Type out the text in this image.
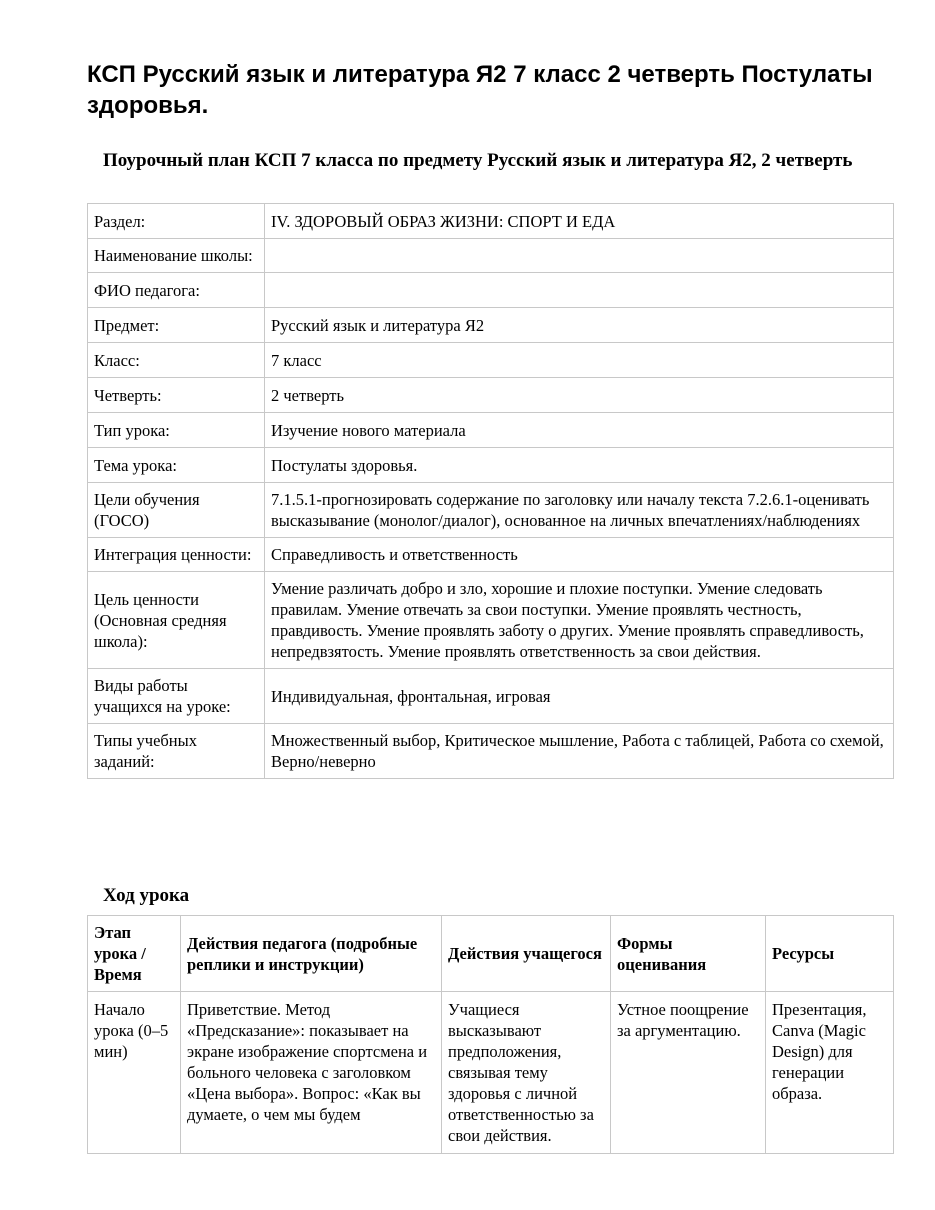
КСП Русский язык и литература Я2 7 класс 2 четверть Постулаты здоровья.
Поурочный план КСП 7 класса по предмету Русский язык и литература Я2, 2 четверть
Раздел:	IV. ЗДОРОВЫЙ ОБРАЗ ЖИЗНИ: СПОРТ И ЕДА
Наименование школы:	
ФИО педагога:	
Предмет:	Русский язык и литература Я2
Класс:	7 класс
Четверть:	2 четверть
Тип урока:	Изучение нового материала
Тема урока:	Постулаты здоровья.
Цели обучения (ГОСО)	7.1.5.1-прогнозировать содержание по заголовку или началу текста 7.2.6.1-оценивать высказывание (монолог/диалог), основанное на личных впечатлениях/наблюдениях
Интеграция ценности:	Справедливость и ответственность
Цель ценности (Основная средняя школа):	Умение различать добро и зло, хорошие и плохие поступки. Умение следовать правилам. Умение отвечать за свои поступки. Умение проявлять честность, правдивость. Умение проявлять заботу о других. Умение проявлять справедливость, непредвзятость. Умение проявлять ответственность за свои действия.
Виды работы учащихся на уроке:	Индивидуальная, фронтальная, игровая
Типы учебных заданий:	Множественный выбор, Критическое мышление, Работа с таблицей, Работа со схемой, Верно/неверно
Ход урока
Этап урока / Время	Действия педагога (подробные реплики и инструкции)	Действия учащегося	Формы оценивания	Ресурсы

Начало урока (0–5 мин)	Приветствие. Метод «Предсказание»: показывает на экране изображение спортсмена и больного человека с заголовком «Цена выбора». Вопрос: «Как вы думаете, о чем мы будем	Учащиеся высказывают предположения, связывая тему здоровья с личной ответственностью за свои действия.	Устное поощрение за аргументацию.	Презентация, Canva (Magic Design) для генерации образа.
